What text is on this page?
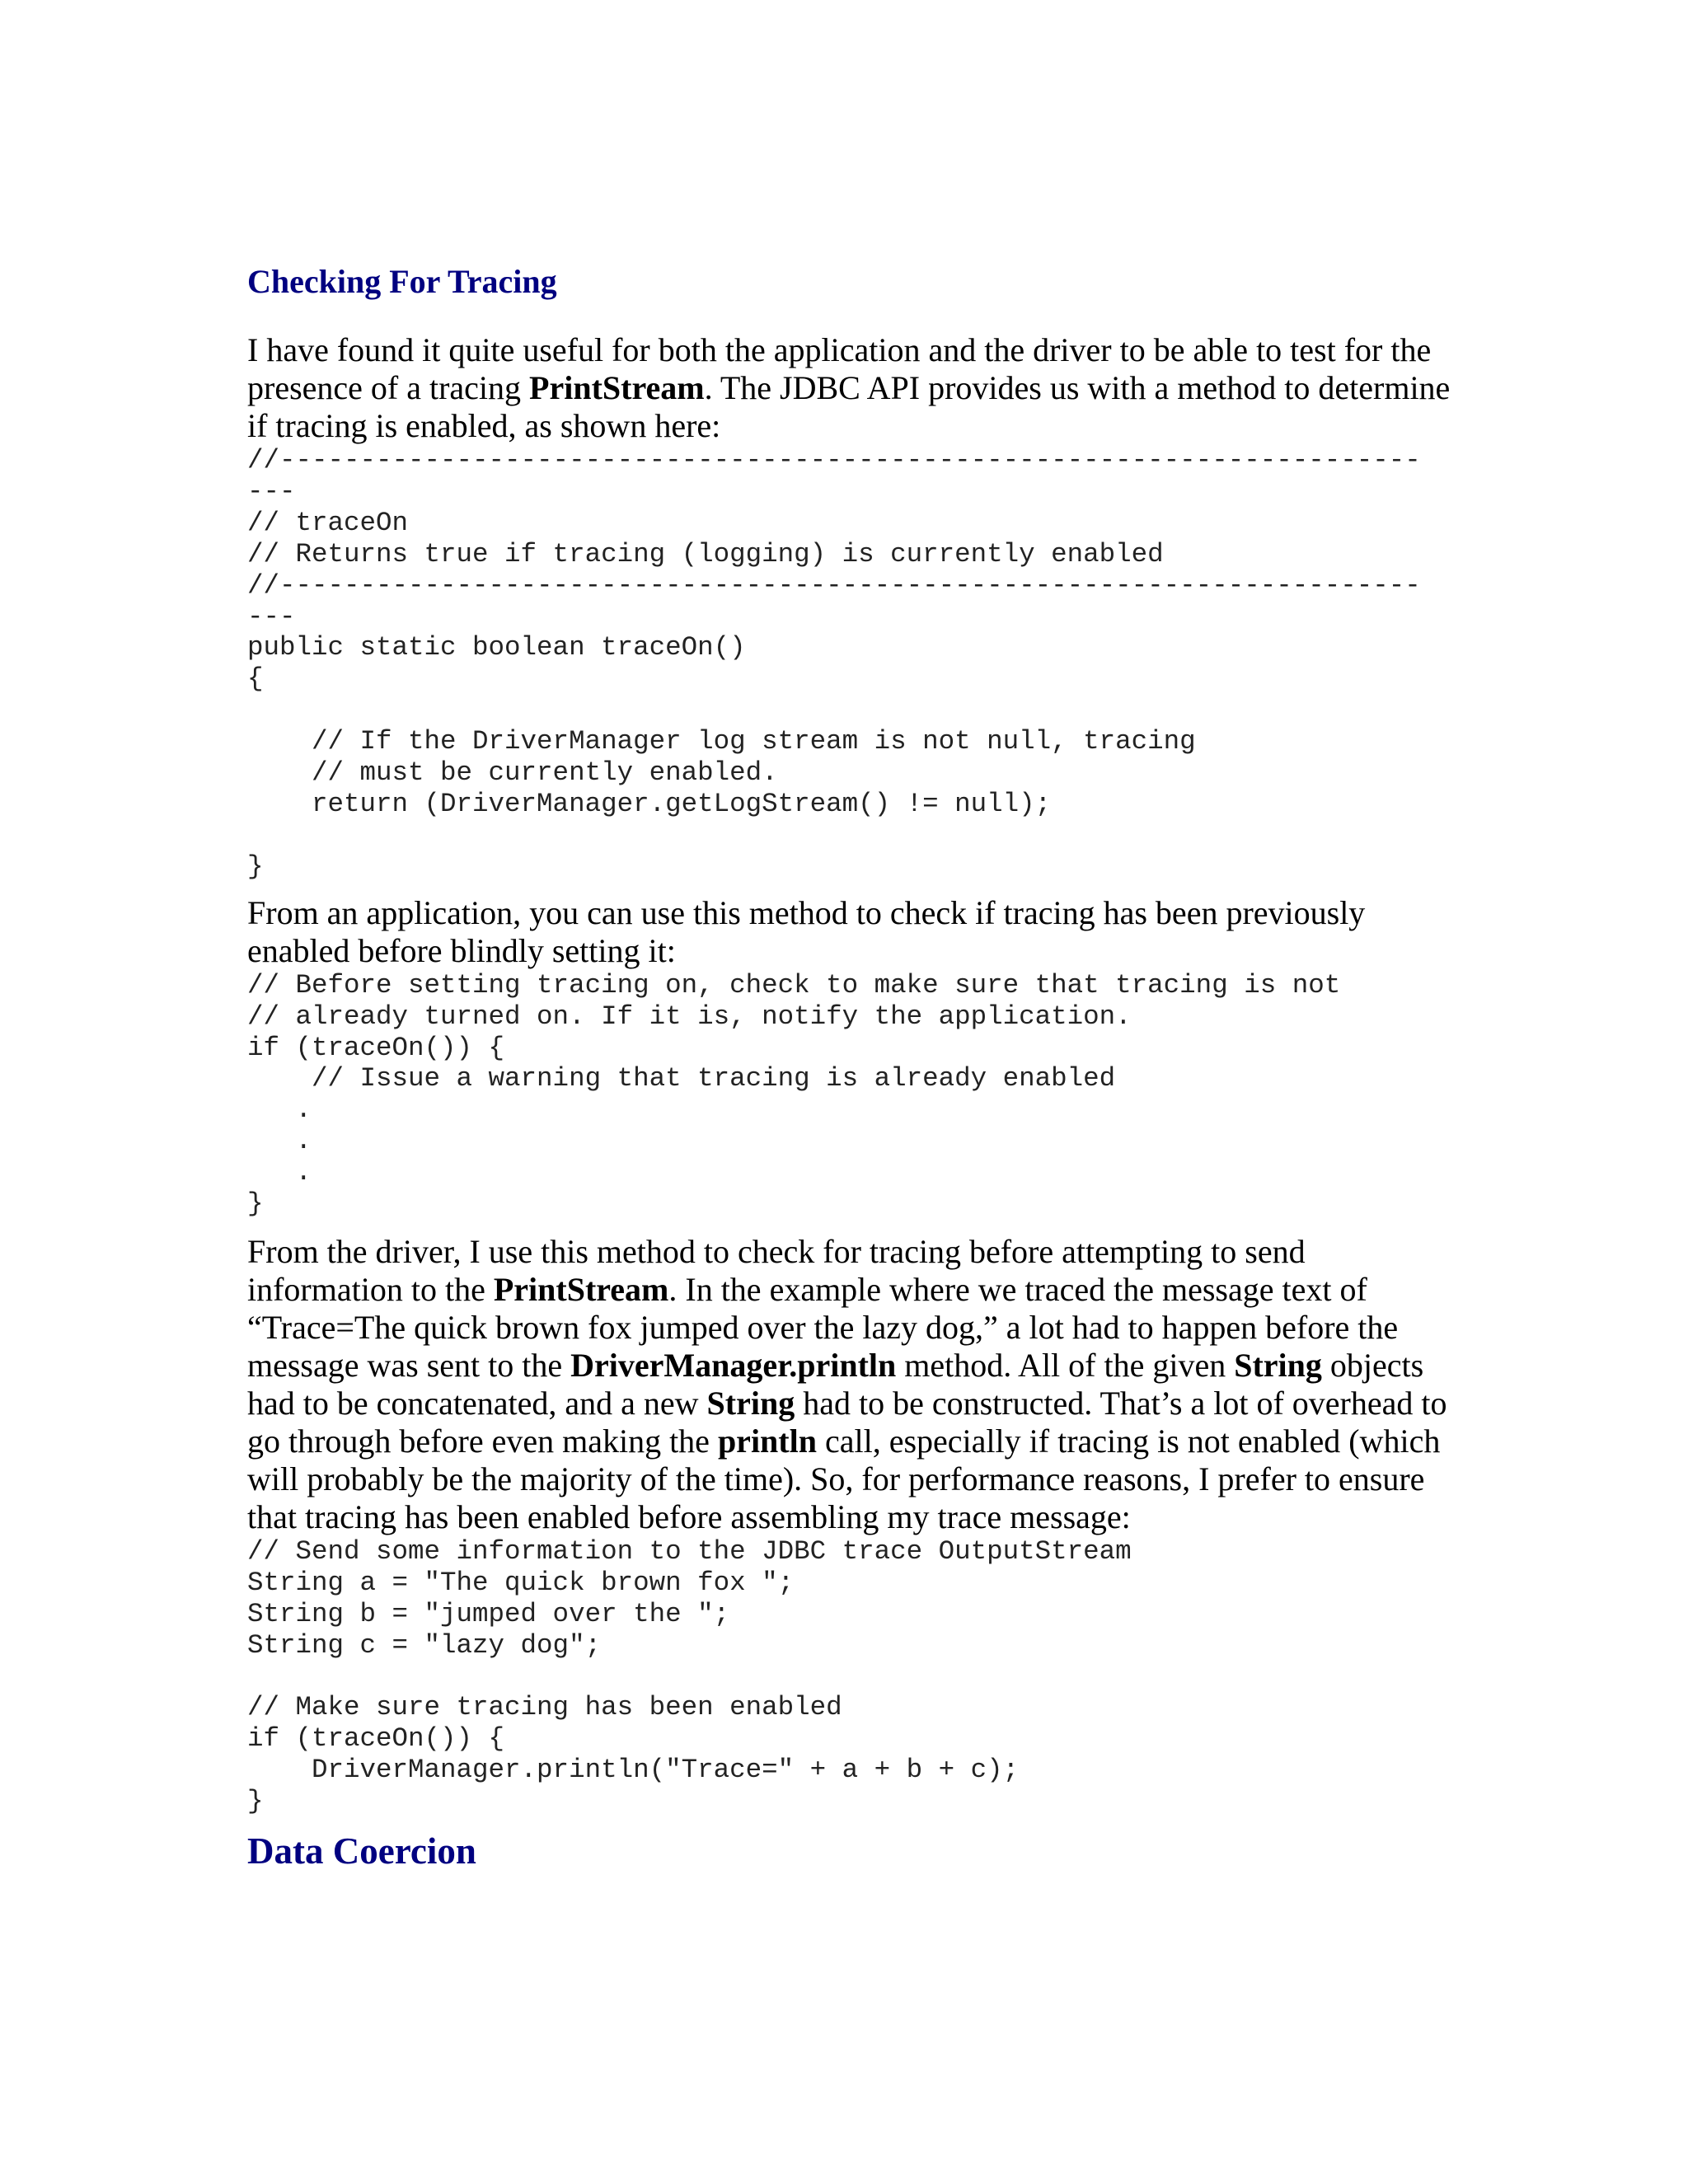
Checking For Tracing

I have found it quite useful for both the application and the driver to be able to test for the presence of a tracing PrintStream. The JDBC API provides us with a method to determine if tracing is enabled, as shown here:

//-----------------------------------------------------------------------
---
// traceOn
// Returns true if tracing (logging) is currently enabled
//-----------------------------------------------------------------------
---
public static boolean traceOn()
{

// If the DriverManager log stream is not null, tracing
// must be currently enabled.
return (DriverManager.getLogStream() != null);

}

From an application, you can use this method to check if tracing has been previously enabled before blindly setting it:

// Before setting tracing on, check to make sure that tracing is not
// already turned on. If it is, notify the application.
if (traceOn()) {
// Issue a warning that tracing is already enabled
.
.
.
}

From the driver, I use this method to check for tracing before attempting to send information to the PrintStream. In the example where we traced the message text of “Trace=The quick brown fox jumped over the lazy dog,” a lot had to happen before the message was sent to the DriverManager.println method. All of the given String objects had to be concatenated, and a new String had to be constructed. That’s a lot of overhead to go through before even making the println call, especially if tracing is not enabled (which will probably be the majority of the time). So, for performance reasons, I prefer to ensure that tracing has been enabled before assembling my trace message:

// Send some information to the JDBC trace OutputStream
String a = "The quick brown fox ";
String b = "jumped over the ";
String c = "lazy dog";

// Make sure tracing has been enabled
if (traceOn()) {
DriverManager.println("Trace=" + a + b + c);
}
Data Coercion
